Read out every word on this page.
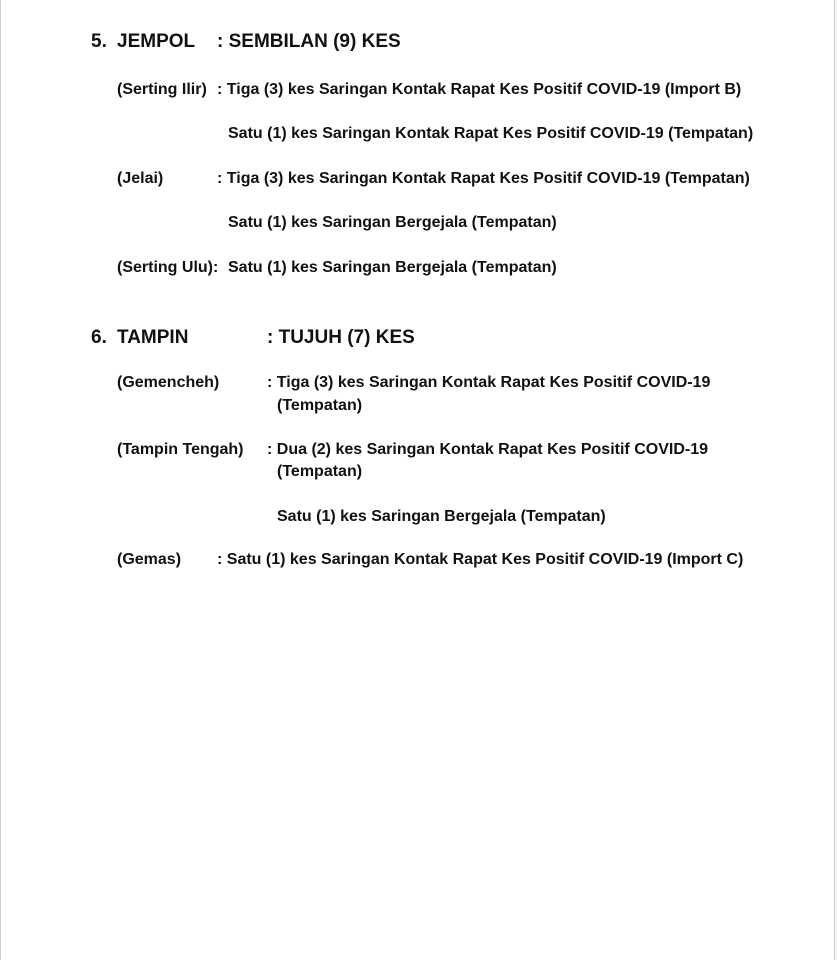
5. JEMPOL : SEMBILAN (9) KES
(Serting Ilir) : Tiga (3) kes Saringan Kontak Rapat Kes Positif COVID-19 (Import B)
Satu (1) kes Saringan Kontak Rapat Kes Positif COVID-19 (Tempatan)
(Jelai)	: Tiga (3) kes Saringan Kontak Rapat Kes Positif COVID-19 (Tempatan)
Satu (1) kes Saringan Bergejala (Tempatan)
(Serting Ulu): Satu (1) kes Saringan Bergejala (Tempatan)
6. TAMPIN	: TUJUH (7) KES
(Gemencheh)	: Tiga (3) kes Saringan Kontak Rapat Kes Positif COVID-19
(Tempatan)
(Tampin Tengah) : Dua (2) kes Saringan Kontak Rapat Kes Positif COVID-19
(Tempatan)
Satu (1) kes Saringan Bergejala (Tempatan)
(Gemas) : Satu (1) kes Saringan Kontak Rapat Kes Positif COVID-19 (Import C)
